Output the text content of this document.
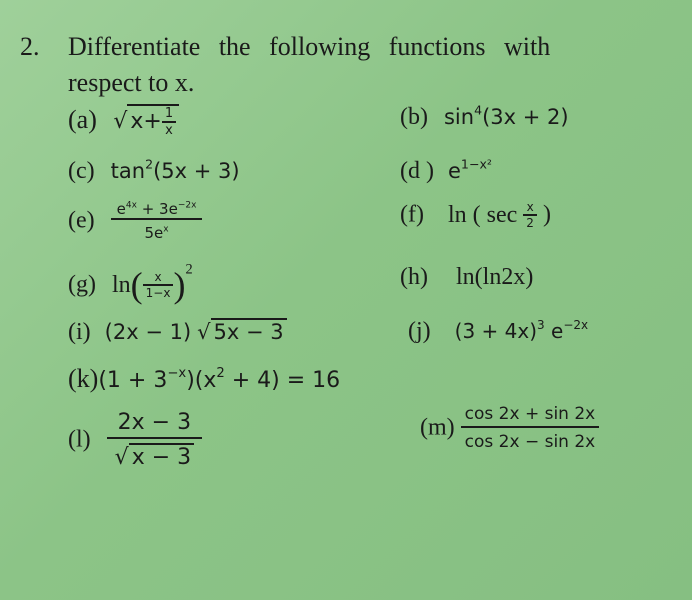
2. Differentiate the following functions with
respect to x.
(a) √ $x+ \frac{1}{x}$	(b) $\sin^4(3x + 2)$
(c) $\tan^2(5x + 3)$	(d ) $e^{1-x^2}$
$(e) \frac{e^{4x} + 3e^{-2x}}{5e^x}$	(f) ln ( $\sec \frac{x}{2}$ )
(g) $\ln( \frac{x}{1-x} )^2$	(h) ln(ln2x)
(i) (2x − 1) √ 5x − 3	(j) $(3 + 4x)^3$ $e^{-2x}$
$(k)(1 + 3^{-x})(x^2 + 4) = 16$
$(l) \frac{2x - 3}{√ x - 3}$	$(m) \frac{\cos 2x + \sin 2x}{\cos 2x - \sin 2x}$
